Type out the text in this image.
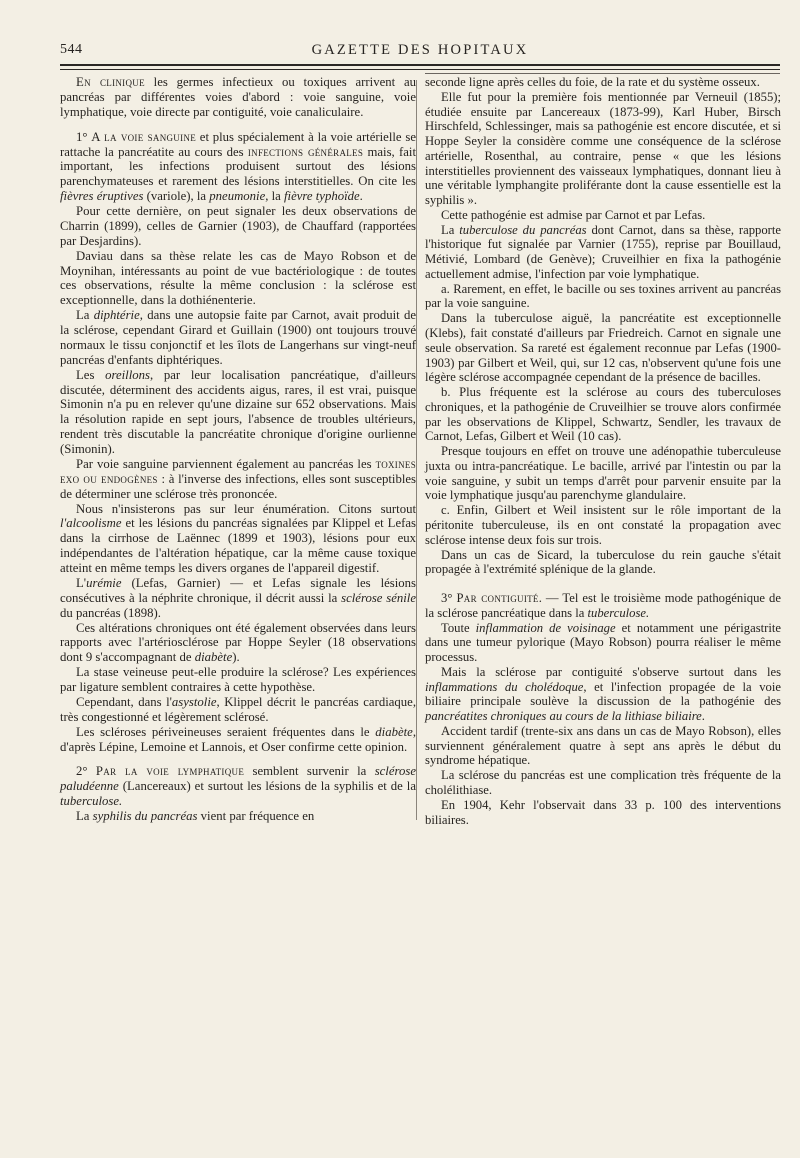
544	GAZETTE DES HOPITAUX

En clinique les germes infectieux ou toxiques arrivent au pancréas par différentes voies d'abord : voie sanguine, voie lymphatique, voie directe par contiguité, voie canaliculaire.

1° A la voie sanguine et plus spécialement à la voie artérielle se rattache la pancréatite au cours des infections générales mais, fait important, les infections produisent surtout des lésions parenchymateuses et rarement des lésions interstitielles. On cite les fièvres éruptives (variole), la pneumonie, la fièvre typhoïde.

Pour cette dernière, on peut signaler les deux observations de Charrin (1899), celles de Garnier (1903), de Chauffard (rapportées par Desjardins).

Daviau dans sa thèse relate les cas de Mayo Robson et de Moynihan, intéressants au point de vue bactériologique : de toutes ces observations, résulte la même conclusion : la sclérose est exceptionnelle, dans la dothiénenterie.

La diphtérie, dans une autopsie faite par Carnot, avait produit de la sclérose, cependant Girard et Guillain (1900) ont toujours trouvé normaux le tissu conjonctif et les îlots de Langerhans sur vingt-neuf pancréas d'enfants diphtériques.

Les oreillons, par leur localisation pancréatique, d'ailleurs discutée, déterminent des accidents aigus, rares, il est vrai, puisque Simonin n'a pu en relever qu'une dizaine sur 652 observations. Mais la résolution rapide en sept jours, l'absence de troubles ultérieurs, rendent très discutable la pancréatite chronique d'origine ourlienne (Simonin).

Par voie sanguine parviennent également au pancréas les toxines exo ou endogènes : à l'inverse des infections, elles sont susceptibles de déterminer une sclérose très prononcée.

Nous n'insisterons pas sur leur énumération. Citons surtout l'alcoolisme et les lésions du pancréas signalées par Klippel et Lefas dans la cirrhose de Laënnec (1899 et 1903), lésions pour eux indépendantes de l'altération hépatique, car la même cause toxique atteint en même temps les divers organes de l'appareil digestif.

L'urémie (Lefas, Garnier) — et Lefas signale les lésions consécutives à la néphrite chronique, il décrit aussi la sclérose sénile du pancréas (1898).

Ces altérations chroniques ont été également observées dans leurs rapports avec l'artériosclérose par Hoppe Seyler (18 observations dont 9 s'accompagnant de diabète).

La stase veineuse peut-elle produire la sclérose? Les expériences par ligature semblent contraires à cette hypothèse.

Cependant, dans l'asystolie, Klippel décrit le pancréas cardiaque, très congestionné et légèrement sclérosé.

Les scléroses périveineuses seraient fréquentes dans le diabète, d'après Lépine, Lemoine et Lannois, et Oser confirme cette opinion.

2° Par la voie lymphatique semblent survenir la sclérose paludéenne (Lancereaux) et surtout les lésions de la syphilis et de la tuberculose.

La syphilis du pancréas vient par fréquence en

seconde ligne après celles du foie, de la rate et du système osseux.

Elle fut pour la première fois mentionnée par Verneuil (1855); étudiée ensuite par Lancereaux (1873-99), Karl Huber, Birsch Hirschfeld, Schlessinger, mais sa pathogénie est encore discutée, et si Hoppe Seyler la considère comme une conséquence de la sclérose artérielle, Rosenthal, au contraire, pense « que les lésions interstitielles proviennent des vaisseaux lymphatiques, donnant lieu à une véritable lymphangite proliférante dont la cause essentielle est la syphilis ».

Cette pathogénie est admise par Carnot et par Lefas.

La tuberculose du pancréas dont Carnot, dans sa thèse, rapporte l'historique fut signalée par Varnier (1755), reprise par Bouillaud, Métivié, Lombard (de Genève); Cruveilhier en fixa la pathogénie actuellement admise, l'infection par voie lymphatique.

a. Rarement, en effet, le bacille ou ses toxines arrivent au pancréas par la voie sanguine.

Dans la tuberculose aiguë, la pancréatite est exceptionnelle (Klebs), fait constaté d'ailleurs par Friedreich. Carnot en signale une seule observation. Sa rareté est également reconnue par Lefas (1900-1903) par Gilbert et Weil, qui, sur 12 cas, n'observent qu'une fois une légère sclérose accompagnée cependant de la présence de bacilles.

b. Plus fréquente est la sclérose au cours des tuberculoses chroniques, et la pathogénie de Cruveilhier se trouve alors confirmée par les observations de Klippel, Schwartz, Sendler, les travaux de Carnot, Lefas, Gilbert et Weil (10 cas).

Presque toujours en effet on trouve une adénopathie tuberculeuse juxta ou intra-pancréatique. Le bacille, arrivé par l'intestin ou par la voie sanguine, y subit un temps d'arrêt pour parvenir ensuite par la voie lymphatique jusqu'au parenchyme glandulaire.

c. Enfin, Gilbert et Weil insistent sur le rôle important de la péritonite tuberculeuse, ils en ont constaté la propagation avec sclérose intense deux fois sur trois.

Dans un cas de Sicard, la tuberculose du rein gauche s'était propagée à l'extrémité splénique de la glande.

3° Par contiguité. — Tel est le troisième mode pathogénique de la sclérose pancréatique dans la tuberculose.

Toute inflammation de voisinage et notamment une périgastrite dans une tumeur pylorique (Mayo Robson) pourra réaliser le même processus.

Mais la sclérose par contiguité s'observe surtout dans les inflammations du cholédoque, et l'infection propagée de la voie biliaire principale soulève la discussion de la pathogénie des pancréatites chroniques au cours de la lithiase biliaire.

Accident tardif (trente-six ans dans un cas de Mayo Robson), elles surviennent généralement quatre à sept ans après le début du syndrome hépatique.

La sclérose du pancréas est une complication très fréquente de la cholélithiase.

En 1904, Kehr l'observait dans 33 p. 100 des interventions biliaires.
